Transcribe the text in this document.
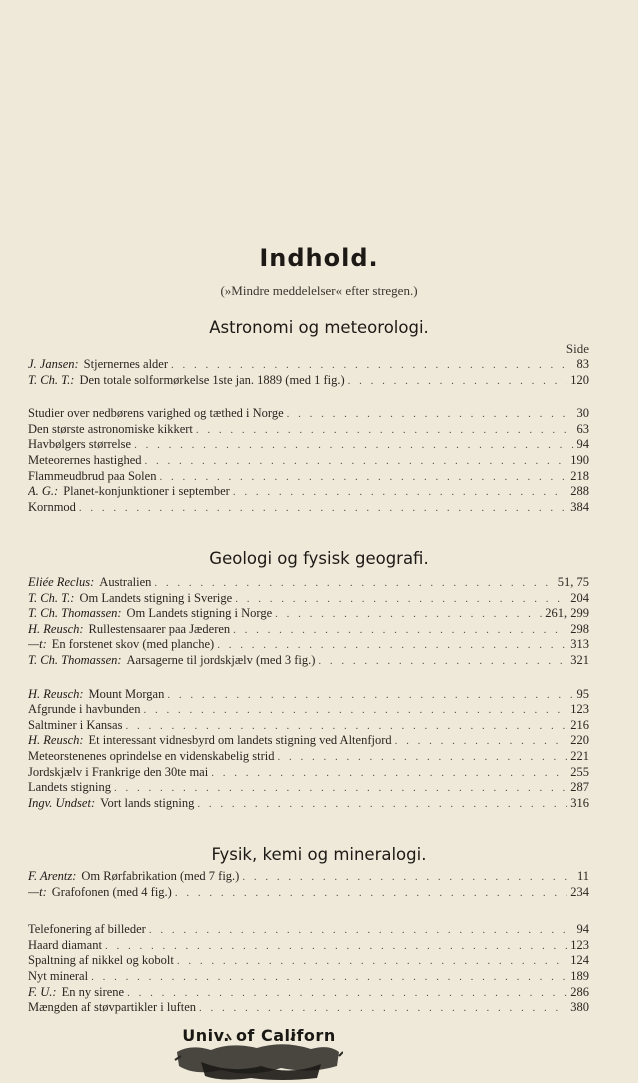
Indhold.
(»Mindre meddelelser« efter stregen.)
Astronomi og meteorologi.
Side
J. Jansen: Stjernernes alder . . .	83
T. Ch. T.: Den totale solformørkelse 1ste jan. 1889 (med 1 fig.) . . .	120
Studier over nedbørens varighed og tæthed i Norge . . .	30
Den største astronomiske kikkert . . .	63
Havbølgers størrelse . . .	94
Meteorernes hastighed . . .	190
Flammeudbrud paa Solen . . .	218
A. G.: Planet-konjunktioner i september . . .	288
Kornmod . . .	384
Geologi og fysisk geografi.
Eliée Reclus: Australien . . .	51, 75
T. Ch. T.: Om Landets stigning i Sverige . . .	204
T. Ch. Thomassen: Om Landets stigning i Norge . . .	261, 299
H. Reusch: Rullestensaarer paa Jæderen . . .	298
—t: En forstenet skov (med planche) . . .	313
T. Ch. Thomassen: Aarsagerne til jordskjælv (med 3 fig.) . . .	321
H. Reusch: Mount Morgan . . .	95
Afgrunde i havbunden . . .	123
Saltminer i Kansas . . .	216
H. Reusch: Et interessant vidnesbyrd om landets stigning ved Altenfjord . . .	220
Meteorstenenes oprindelse en videnskabelig strid . . .	221
Jordskjælv i Frankrige den 30te mai . . .	255
Landets stigning . . .	287
Ingv. Undset: Vort lands stigning . . .	316
Fysik, kemi og mineralogi.
F. Arentz: Om Rørfabrikation (med 7 fig.) . . .	11
—t: Grafofonen (med 4 fig.) . . .	234
Telefonering af billeder . . .	94
Haard diamant . . .	123
Spaltning af nikkel og kobolt . . .	124
Nyt mineral . . .	189
F. U.: En ny sirene . . .	286
Mængden af støvpartikler i luften . . .	380
Univ. of Californ
